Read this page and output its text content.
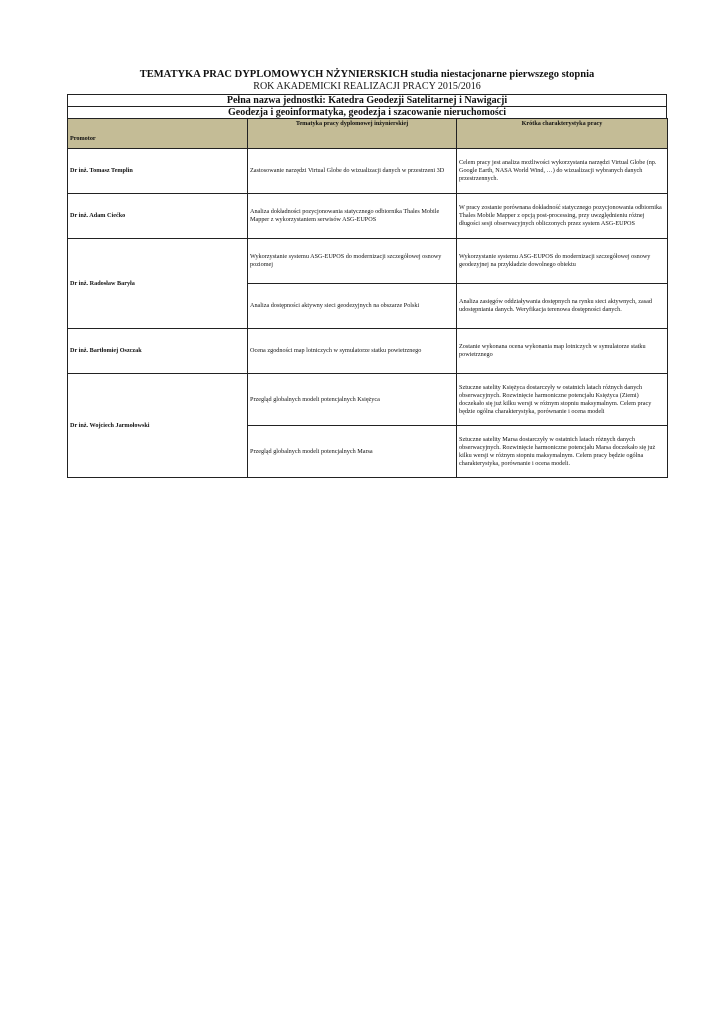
TEMATYKA PRAC DYPLOMOWYCH NŻYNIERSKICH studia niestacjonarne pierwszego stopnia
ROK AKADEMICKI REALIZACJI PRACY 2015/2016
Pełna nazwa jednostki: Katedra Geodezji Satelitarnej i Nawigacji
Geodezja i geoinformatyka, geodezja i szacowanie nieruchomości
Promotor	Tematyka pracy dyplomowej inżynierskiej	Krótka charakterystyka pracy
Dr inż. Tomasz Templin	Zastosowanie narzędzi Virtual Globe do wizualizacji danych w przestrzeni 3D	Celem pracy jest analiza możliwości wykorzystania narzędzi Virtual Globe (np. Google Earth, NASA World Wind, …) do wizualizacji wybranych danych przestrzennych.
Dr inż. Adam Ciećko	Analiza dokładności pozycjonowania statycznego odbiornika Thales Mobile Mapper z wykorzystaniem serwisów ASG-EUPOS	W pracy zostanie porównana dokładność statycznego pozycjonowania odbiornika Thales Mobile Mapper z opcją post-processing, przy uwzględnieniu różnej długości sesji obserwacyjnych obliczonych przez system ASG-EUPOS
Dr inż. Radosław Baryła	Wykorzystanie systemu ASG-EUPOS do modernizacji szczegółowej osnowy poziomej	Wykorzystanie systemu ASG-EUPOS do modernizacji szczegółowej osnowy geodezyjnej na przykładzie dowolnego obiektu
	Analiza dostępności aktywny sieci geodezyjnych na obszarze Polski	Analiza zasięgów oddziaływania dostępnych na rynku sieci aktywnych, zasad udostępniania danych. Weryfikacja terenowa dostępności danych.
Dr inż. Bartłomiej Oszczak	Ocena zgodności map lotniczych w symulatorze statku powietrznego	Zostanie wykonana ocena wykonania map lotniczych w symulatorze statku powietrznego
Dr inż. Wojciech Jarmołowski	Przegląd globalnych modeli potencjalnych Księżyca	Sztuczne satelity Księżyca dostarczyły w ostatnich latach różnych danych obserwacyjnych. Rozwinięcie harmoniczne potencjału Księżyca (Ziemi) doczekało się już kilku wersji w różnym stopniu maksymalnym. Celem pracy będzie ogólna charakterystyka, porównanie i ocena modeli
	Przegląd globalnych modeli potencjalnych Marsa	Sztuczne satelity Marsa dostarczyły w ostatnich latach różnych danych obserwacyjnych. Rozwinięcie harmoniczne potencjału Marsa doczekało się już kilku wersji w różnym stopniu maksymalnym. Celem pracy będzie ogólna charakterystyka, porównanie i ocena modeli.
